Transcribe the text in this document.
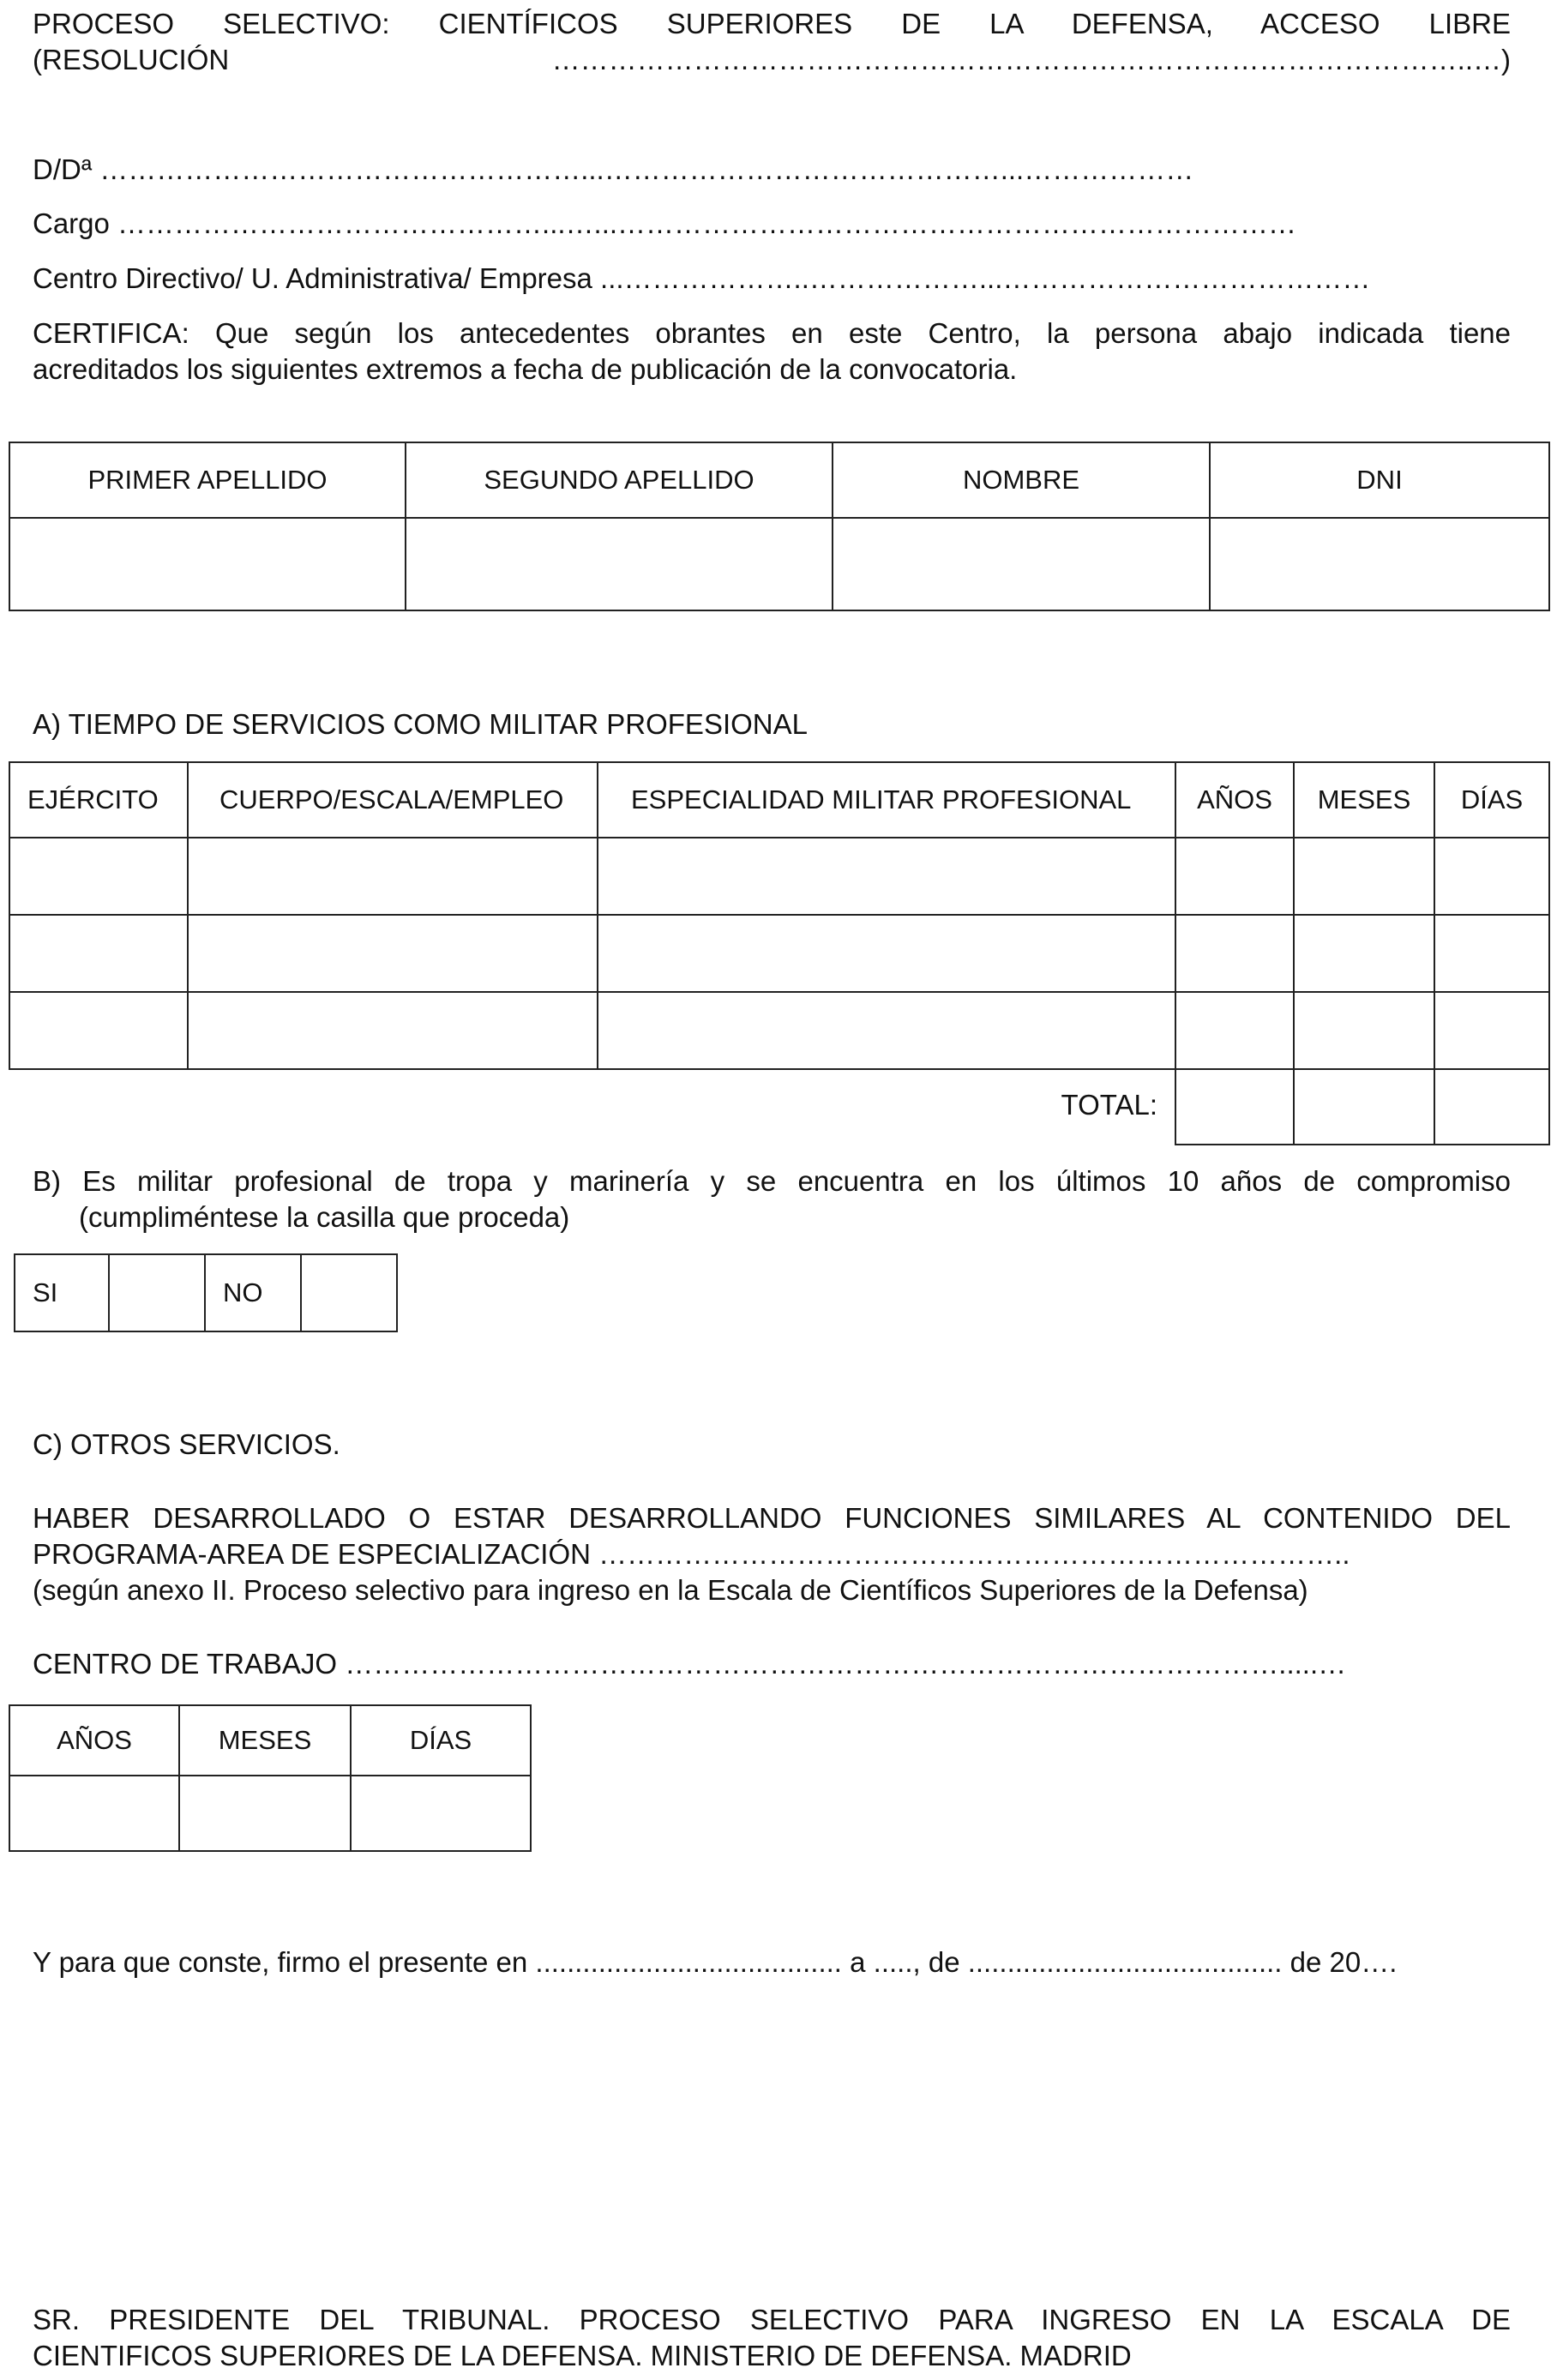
PROCESO SELECTIVO: CIENTÍFICOS SUPERIORES DE LA DEFENSA, ACCESO LIBRE
(RESOLUCIÓN ……………………………………………………………………………………..…)
D/Dª ……………………………………………...……………………………………...………………
Cargo ………………………………………...…...………………………………………………………………
Centro Directivo/ U. Administrativa/ Empresa ...………………..………………...…………………………………
CERTIFICA: Que según los antecedentes obrantes en este Centro, la persona abajo indicada tiene
acreditados los siguientes extremos a fecha de publicación de la convocatoria.
PRIMER APELLIDO	SEGUNDO APELLIDO	NOMBRE	DNI

A) TIEMPO DE SERVICIOS COMO MILITAR PROFESIONAL
EJÉRCITO	CUERPO/ESCALA/EMPLEO	ESPECIALIDAD MILITAR PROFESIONAL	AÑOS	MESES	DÍAS

TOTAL:

B) Es militar profesional de tropa y marinería y se encuentra en los últimos 10 años de compromiso
(cumpliméntese la casilla que proceda)
SI		NO	
C) OTROS SERVICIOS.
HABER DESARROLLADO O ESTAR DESARROLLANDO FUNCIONES SIMILARES AL CONTENIDO DEL
PROGRAMA-AREA DE ESPECIALIZACIÓN ……………………………………………………………………..
(según anexo II. Proceso selectivo para ingreso en la Escala de Científicos Superiores de la Defensa)
CENTRO DE TRABAJO ……………………………………………………………………………………….....…
AÑOS	MESES	DÍAS

Y para que conste, firmo el presente en ....................................... a ....., de ........................................ de 20….
SR. PRESIDENTE DEL TRIBUNAL. PROCESO SELECTIVO PARA INGRESO EN LA ESCALA DE
CIENTIFICOS SUPERIORES DE LA DEFENSA. MINISTERIO DE DEFENSA. MADRID
